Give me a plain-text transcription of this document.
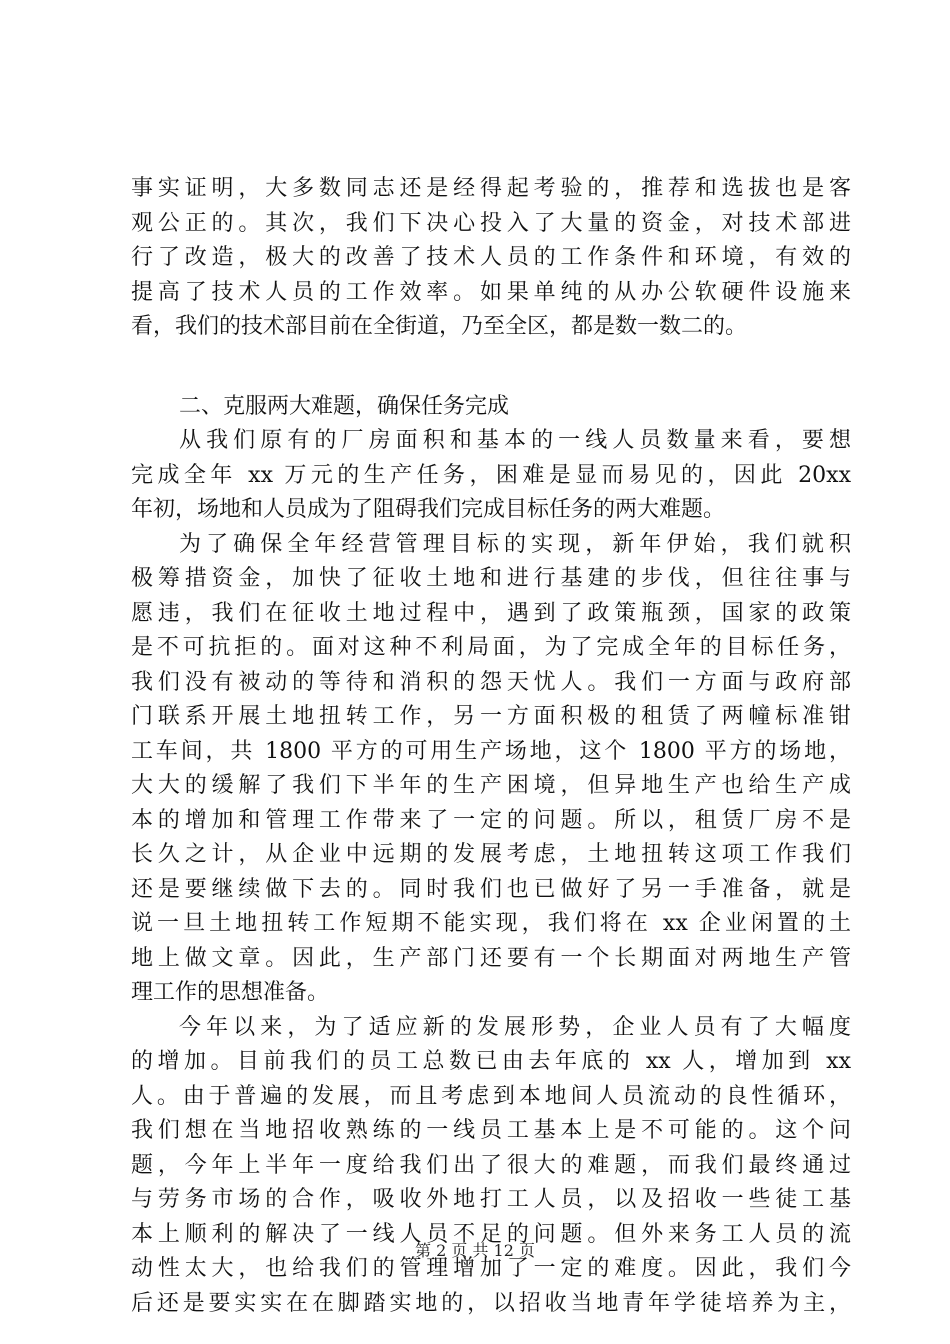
事实证明，大多数同志还是经得起考验的，推荐和选拔也是客
观公正的。其次，我们下决心投入了大量的资金，对技术部进
行了改造，极大的改善了技术人员的工作条件和环境，有效的
提高了技术人员的工作效率。如果单纯的从办公软硬件设施来
看，我们的技术部目前在全街道，乃至全区，都是数一数二的。
二、克服两大难题，确保任务完成
从我们原有的厂房面积和基本的一线人员数量来看，要想
完成全年 xx 万元的生产任务，困难是显而易见的，因此 20xx
年初，场地和人员成为了阻碍我们完成目标任务的两大难题。
为了确保全年经营管理目标的实现，新年伊始，我们就积
极筹措资金，加快了征收土地和进行基建的步伐，但往往事与
愿违，我们在征收土地过程中，遇到了政策瓶颈，国家的政策
是不可抗拒的。面对这种不利局面，为了完成全年的目标任务，
我们没有被动的等待和消积的怨天忧人。我们一方面与政府部
门联系开展土地扭转工作，另一方面积极的租赁了两幢标准钳
工车间，共 1800 平方的可用生产场地，这个 1800 平方的场地，
大大的缓解了我们下半年的生产困境，但异地生产也给生产成
本的增加和管理工作带来了一定的问题。所以，租赁厂房不是
长久之计，从企业中远期的发展考虑，土地扭转这项工作我们
还是要继续做下去的。同时我们也已做好了另一手准备，就是
说一旦土地扭转工作短期不能实现，我们将在 xx 企业闲置的土
地上做文章。因此，生产部门还要有一个长期面对两地生产管
理工作的思想准备。
今年以来，为了适应新的发展形势，企业人员有了大幅度
的增加。目前我们的员工总数已由去年底的 xx 人，增加到 xx
人。由于普遍的发展，而且考虑到本地间人员流动的良性循环，
我们想在当地招收熟练的一线员工基本上是不可能的。这个问
题，今年上半年一度给我们出了很大的难题，而我们最终通过
与劳务市场的合作，吸收外地打工人员，以及招收一些徒工基
本上顺利的解决了一线人员不足的问题。但外来务工人员的流
动性太大，也给我们的管理增加了一定的难度。因此，我们今
后还是要实实在在脚踏实地的，以招收当地青年学徒培养为主，
第 2 页 共 12 页
